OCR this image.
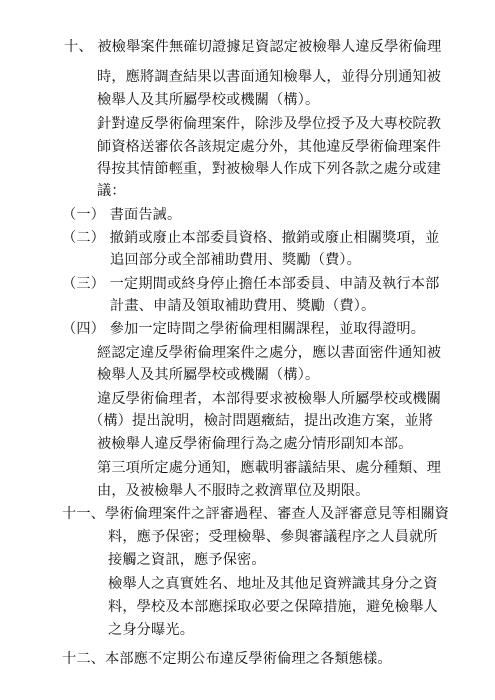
十、 被檢舉案件無確切證據足資認定被檢舉人違反學術倫理
時，應將調查結果以書面通知檢舉人，並得分別通知被
檢舉人及其所屬學校或機關（構）。
針對違反學術倫理案件，除涉及學位授予及大專校院教
師資格送審依各該規定處分外，其他違反學術倫理案件
得按其情節輕重，對被檢舉人作成下列各款之處分或建
議：
（一） 書面告誡。
（二） 撤銷或廢止本部委員資格、撤銷或廢止相關獎項，並
追回部分或全部補助費用、獎勵（費）。
（三） 一定期間或終身停止擔任本部委員、申請及執行本部
計畫、申請及領取補助費用、獎勵（費）。
（四） 參加一定時間之學術倫理相關課程，並取得證明。
經認定違反學術倫理案件之處分，應以書面密件通知被
檢舉人及其所屬學校或機關（構）。
違反學術倫理者，本部得要求被檢舉人所屬學校或機關
（構）提出說明，檢討問題癥結，提出改進方案，並將
被檢舉人違反學術倫理行為之處分情形副知本部。
第三項所定處分通知，應載明審議結果、處分種類、理
由，及被檢舉人不服時之救濟單位及期限。
十一、學術倫理案件之評審過程、審查人及評審意見等相關資
料，應予保密；受理檢舉、參與審議程序之人員就所
接觸之資訊，應予保密。
檢舉人之真實姓名、地址及其他足資辨識其身分之資
料，學校及本部應採取必要之保障措施，避免檢舉人
之身分曝光。
十二、本部應不定期公布違反學術倫理之各類態樣。
